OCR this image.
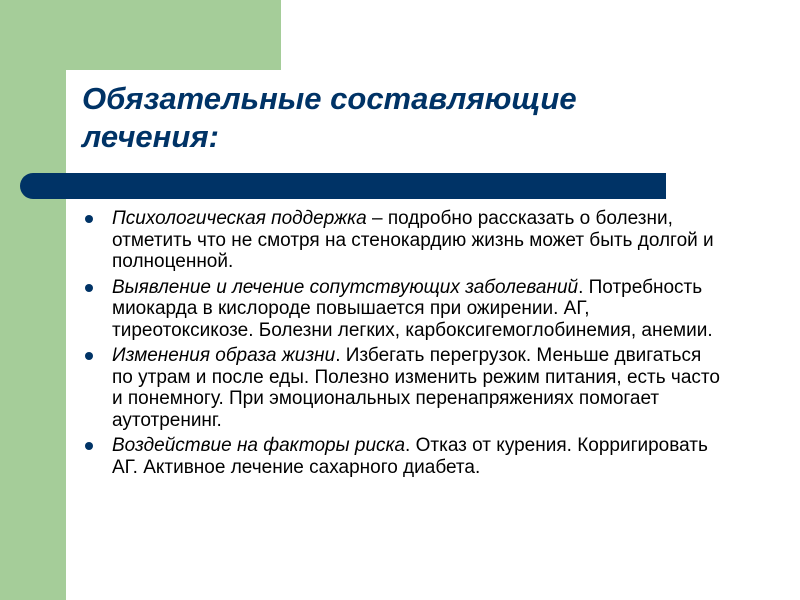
Обязательные составляющие лечения:
Психологическая поддержка – подробно рассказать о болезни, отметить что не смотря на стенокардию жизнь может быть долгой и полноценной.
Выявление и лечение сопутствующих заболеваний. Потребность миокарда в кислороде повышается при ожирении. АГ, тиреотоксикозе. Болезни легких, карбоксигемоглобинемия, анемии.
Изменения образа жизни. Избегать перегрузок. Меньше двигаться по утрам и после еды. Полезно изменить режим питания, есть часто и понемногу. При эмоциональных перенапряжениях помогает аутотренинг.
Воздействие на факторы риска. Отказ от курения. Корригировать АГ. Активное лечение сахарного диабета.
